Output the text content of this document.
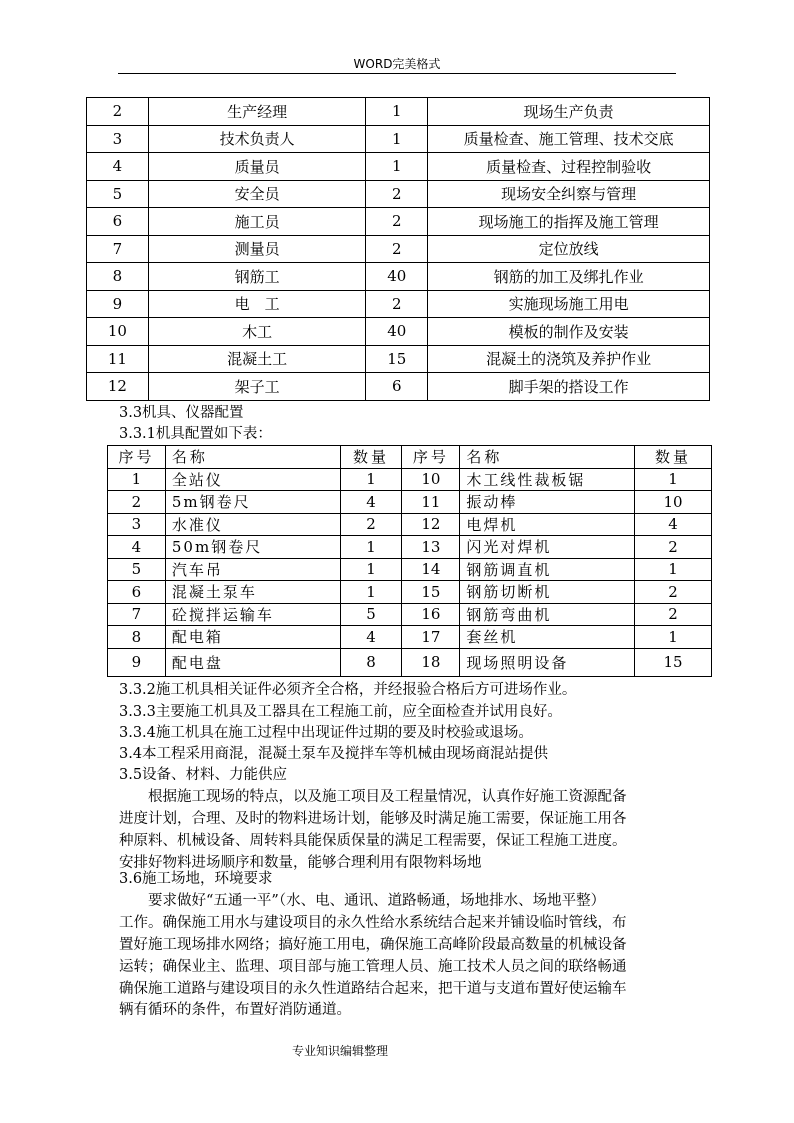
WORD完美格式
2	生产经理	1	现场生产负责
3	技术负责人	1	质量检查、施工管理、技术交底
4	质量员	1	质量检查、过程控制验收
5	安全员	2	现场安全纠察与管理
6	施工员	2	现场施工的指挥及施工管理
7	测量员	2	定位放线
8	钢筋工	40	钢筋的加工及绑扎作业
9	电　工	2	实施现场施工用电
10	木工	40	模板的制作及安装
11	混凝土工	15	混凝土的浇筑及养护作业
12	架子工	6	脚手架的搭设工作
3.3机具、仪器配置
3.3.1机具配置如下表：
序号	名称	数量	序号	名称	数量
1	全站仪	1	10	木工线性裁板锯	1
2	5m钢卷尺	4	11	振动棒	10
3	水准仪	2	12	电焊机	4
4	50m钢卷尺	1	13	闪光对焊机	2
5	汽车吊	1	14	钢筋调直机	1
6	混凝土泵车	1	15	钢筋切断机	2
7	砼搅拌运输车	5	16	钢筋弯曲机	2
8	配电箱	4	17	套丝机	1
9	配电盘	8	18	现场照明设备	15
3.3.2施工机具相关证件必须齐全合格，并经报验合格后方可进场作业。
3.3.3主要施工机具及工器具在工程施工前，应全面检查并试用良好。
3.3.4施工机具在施工过程中出现证件过期的要及时校验或退场。
3.4本工程采用商混，混凝土泵车及搅拌车等机械由现场商混站提供
3.5设备、材料、力能供应
　　根据施工现场的特点，以及施工项目及工程量情况，认真作好施工资源配备
进度计划，合理、及时的物料进场计划，能够及时满足施工需要，保证施工用各
种原料、机械设备、周转料具能保质保量的满足工程需要，保证工程施工进度。
安排好物料进场顺序和数量，能够合理利用有限物料场地
3.6施工场地，环境要求
　　要求做好“五通一平”（水、电、通讯、道路畅通，场地排水、场地平整）
工作。确保施工用水与建设项目的永久性给水系统结合起来并铺设临时管线，布
置好施工现场排水网络；搞好施工用电，确保施工高峰阶段最高数量的机械设备
运转；确保业主、监理、项目部与施工管理人员、施工技术人员之间的联络畅通
确保施工道路与建设项目的永久性道路结合起来，把干道与支道布置好使运输车
辆有循环的条件，布置好消防通道。
专业知识编辑整理
